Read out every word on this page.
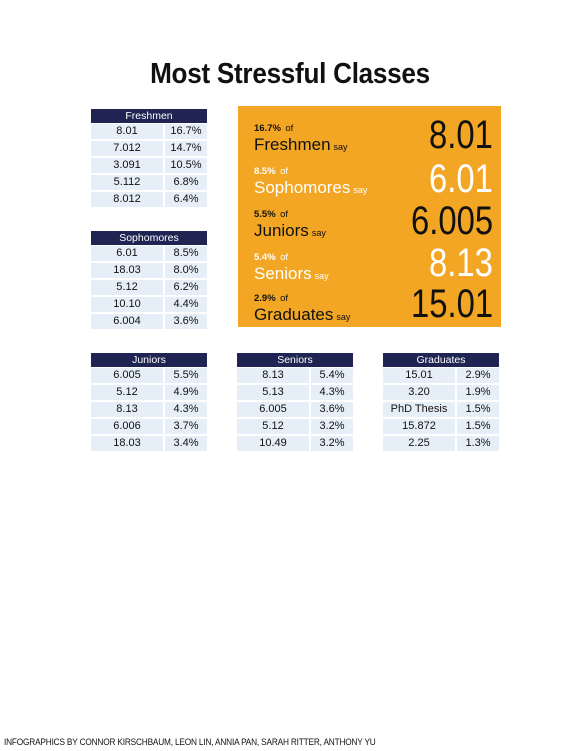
Most Stressful Classes
Freshmen
8.01	16.7%
7.012	14.7%
3.091	10.5%
5.112	6.8%
8.012	6.4%
Sophomores
6.01	8.5%
18.03	8.0%
5.12	6.2%
10.10	4.4%
6.004	3.6%
16.7% of
Freshmen say 8.01
8.5% of
Sophomores say 6.01
5.5% of
Juniors say 6.005
5.4% of
Seniors say	8.13
2.9% of
Graduates say 15.01
Juniors
6.005	5.5%
5.12	4.9%
8.13	4.3%
6.006	3.7%
18.03	3.4%
Seniors
8.13	5.4%
5.13	4.3%
6.005	3.6%
5.12	3.2%
10.49	3.2%
Graduates
15.01	2.9%
3.20	1.9%
PhD Thesis	1.5%
15.872	1.5%
2.25	1.3%
INFOGRAPHICS BY CONNOR KIRSCHBAUM, LEON LIN, ANNIA PAN, SARAH RITTER, ANTHONY YU
